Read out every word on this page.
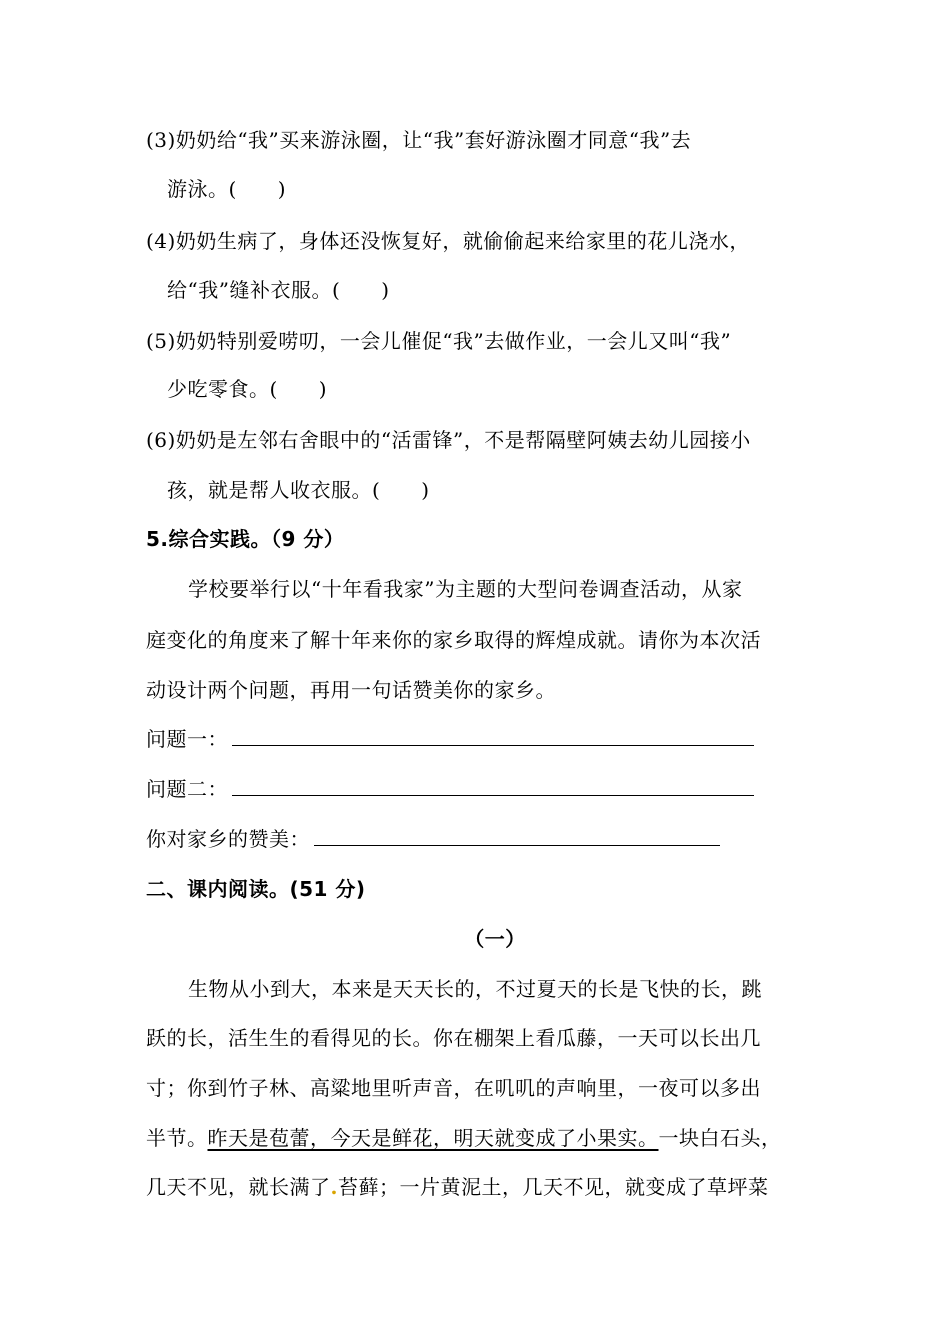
(3)奶奶给“我”买来游泳圈，让“我”套好游泳圈才同意“我”去
游泳。(　　)
(4)奶奶生病了，身体还没恢复好，就偷偷起来给家里的花儿浇水，
给“我”缝补衣服。(　　)
(5)奶奶特别爱唠叨，一会儿催促“我”去做作业，一会儿又叫“我”
少吃零食。(　　)
(6)奶奶是左邻右舍眼中的“活雷锋”，不是帮隔壁阿姨去幼儿园接小
孩，就是帮人收衣服。(　　)
5.综合实践。（9 分）
学校要举行以“十年看我家”为主题的大型问卷调查活动，从家
庭变化的角度来了解十年来你的家乡取得的辉煌成就。请你为本次活
动设计两个问题，再用一句话赞美你的家乡。
问题一：
问题二：
你对家乡的赞美：
二、课内阅读。(51 分)
（一）
生物从小到大，本来是天天长的，不过夏天的长是飞快的长，跳
跃的长，活生生的看得见的长。你在棚架上看瓜藤，一天可以长出几
寸；你到竹子林、高粱地里听声音，在叽叽的声响里，一夜可以多出
半节。昨天是苞蕾，今天是鲜花，明天就变成了小果实。一块白石头，
几天不见，就长满了.苔藓；一片黄泥土，几天不见，就变成了草坪菜
